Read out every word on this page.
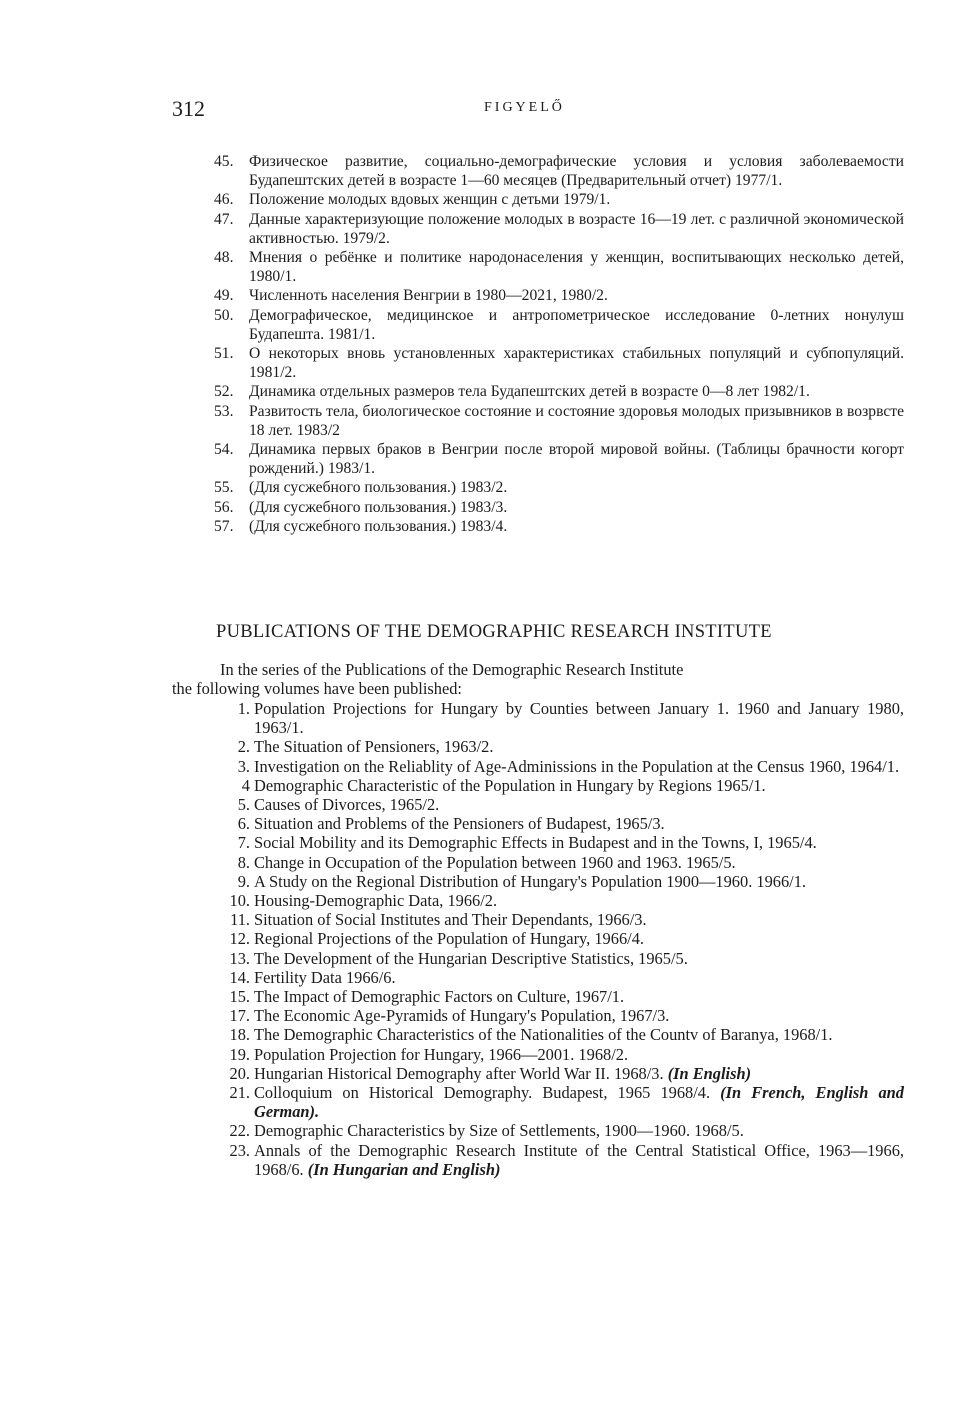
312	FIGYELŐ
45. Физическое развитие, социально-демографические условия и условия заболеваемости Будапештских детей в возрасте 1—60 месяцев (Предварительный отчет) 1977/1.
46. Положение молодых вдовых женщин с детьми 1979/1.
47. Данные характеризующие положение молодых в возрасте 16—19 лет. с различной экономической активностью. 1979/2.
48. Мнения о ребёнке и политике народонаселения у женщин, воспитывающих несколько детей, 1980/1.
49. Численнoть населения Венгрии в 1980—2021, 1980/2.
50. Демографическое, медицинское и антропометрическое исследование 0-летних нонулуш Будапешта. 1981/1.
51. О некоторых вновь установленных характеристиках стабильных популяций и субпопуляций. 1981/2.
52. Динамика отдельных размеров тела Будапештских детей в возрасте 0—8 лет 1982/1.
53. Развитость тела, биологическое состояние и состояние здоровья молодых призывников в возрвсте 18 лет. 1983/2
54. Динамика первых браков в Венгрии после второй мировой войны. (Таблицы брачности когорт рождений.) 1983/1.
55. (Для сусжебного пользования.) 1983/2.
56. (Для сусжебного пользования.) 1983/3.
57. (Для сусжебного пользования.) 1983/4.
PUBLICATIONS OF THE DEMOGRAPHIC RESEARCH INSTITUTE
In the series of the Publications of the Demographic Research Institute
the following volumes have been published:
1. Population Projections for Hungary by Counties between January 1. 1960 and January 1980, 1963/1.
2. The Situation of Pensioners, 1963/2.
3. Investigation on the Reliablity of Age-Adminissions in the Population at the Census 1960, 1964/1.
4 Demographic Characteristic of the Population in Hungary by Regions 1965/1.
5. Causes of Divorces, 1965/2.
6. Situation and Problems of the Pensioners of Budapest, 1965/3.
7. Social Mobility and its Demographic Effects in Budapest and in the Towns, I, 1965/4.
8. Change in Occupation of the Population between 1960 and 1963. 1965/5.
9. A Study on the Regional Distribution of Hungary's Population 1900—1960. 1966/1.
10. Housing-Demographic Data, 1966/2.
11. Situation of Social Institutes and Their Dependants, 1966/3.
12. Regional Projections of the Population of Hungary, 1966/4.
13. The Development of the Hungarian Descriptive Statistics, 1965/5.
14. Fertility Data 1966/6.
15. The Impact of Demographic Factors on Culture, 1967/1.
17. The Economic Age-Pyramids of Hungary's Population, 1967/3.
18. The Demographic Characteristics of the Nationalities of the Countv of Baranya, 1968/1.
19. Population Projection for Hungary, 1966—2001. 1968/2.
20. Hungarian Historical Demography after World War II. 1968/3. (In English)
21. Colloquium on Historical Demography. Budapest, 1965 1968/4. (In French, English and German).
22. Demographic Characteristics by Size of Settlements, 1900—1960. 1968/5.
23. Annals of the Demographic Research Institute of the Central Statistical Office, 1963—1966, 1968/6. (In Hungarian and English)
